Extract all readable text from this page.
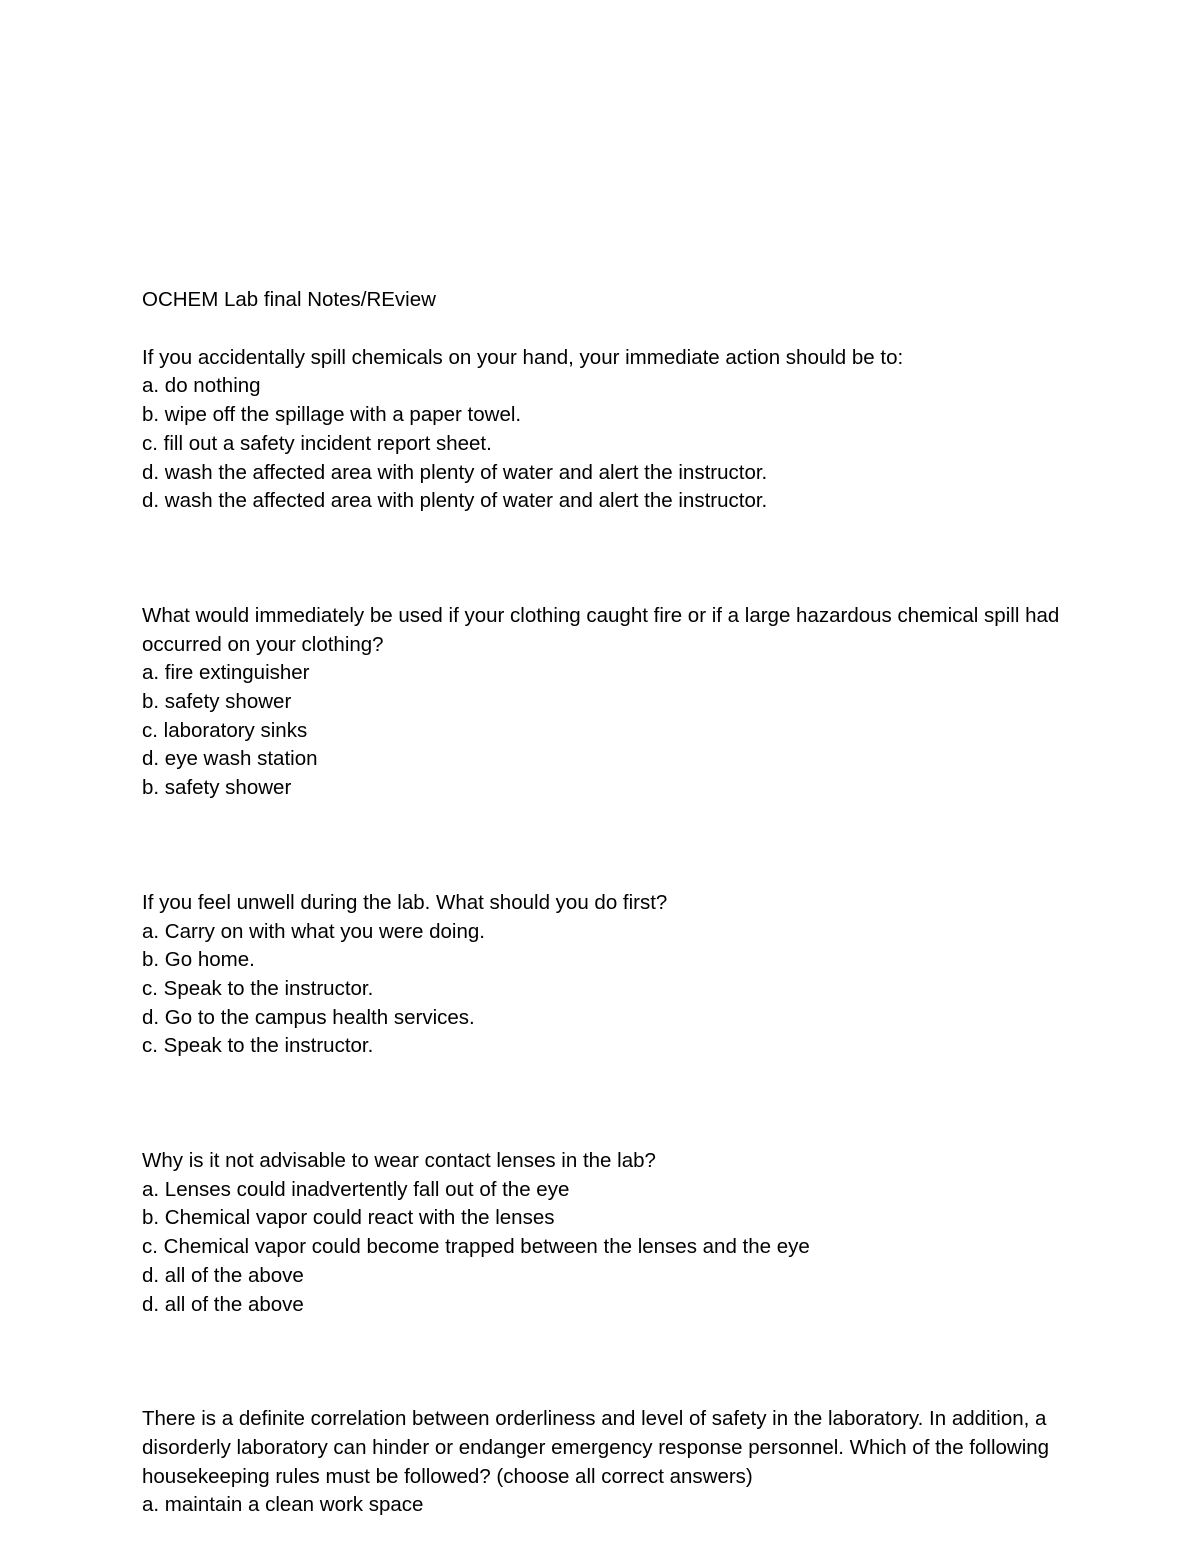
OCHEM Lab final Notes/REview

If you accidentally spill chemicals on your hand, your immediate action should be to:

a. do nothing

b. wipe off the spillage with a paper towel.

c. fill out a safety incident report sheet.

d. wash the affected area with plenty of water and alert the instructor.

d. wash the affected area with plenty of water and alert the instructor.

What would immediately be used if your clothing caught fire or if a large hazardous chemical spill had occurred on your clothing?

a. fire extinguisher

b. safety shower

c. laboratory sinks

d. eye wash station

b. safety shower

If you feel unwell during the lab. What should you do first?

a. Carry on with what you were doing.

b. Go home.

c. Speak to the instructor.

d. Go to the campus health services.

c. Speak to the instructor.

Why is it not advisable to wear contact lenses in the lab?

a. Lenses could inadvertently fall out of the eye

b. Chemical vapor could react with the lenses

c. Chemical vapor could become trapped between the lenses and the eye

d. all of the above

d. all of the above

There is a definite correlation between orderliness and level of safety in the laboratory. In addition, a disorderly laboratory can hinder or endanger emergency response personnel. Which of the following housekeeping rules must be followed? (choose all correct answers)

a. maintain a clean work space
